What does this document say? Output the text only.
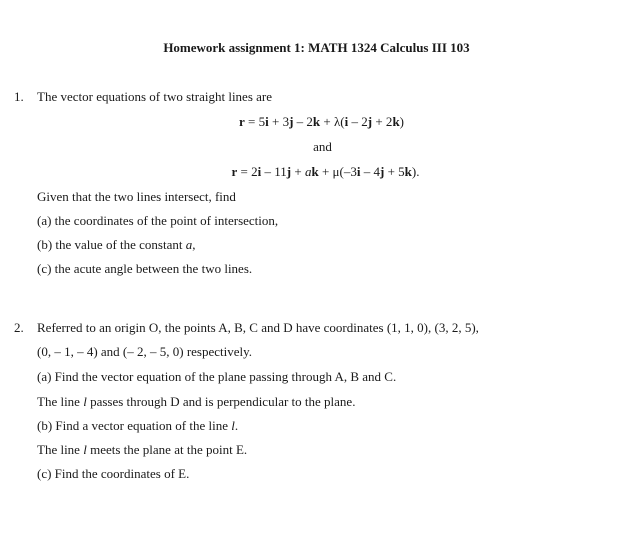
Homework assignment 1: MATH 1324 Calculus III 103
1. The vector equations of two straight lines are
r = 5i + 3j – 2k + λ(i – 2j + 2k)
and
r = 2i – 11j + ak + μ(–3i – 4j + 5k).
Given that the two lines intersect, find
(a) the coordinates of the point of intersection,
(b) the value of the constant a,
(c) the acute angle between the two lines.
2. Referred to an origin O, the points A, B, C and D have coordinates (1, 1, 0), (3, 2, 5),
(0, – 1, – 4) and (– 2, – 5, 0) respectively.
(a) Find the vector equation of the plane passing through A, B and C.
The line l passes through D and is perpendicular to the plane.
(b) Find a vector equation of the line l.
The line l meets the plane at the point E.
(c) Find the coordinates of E.
